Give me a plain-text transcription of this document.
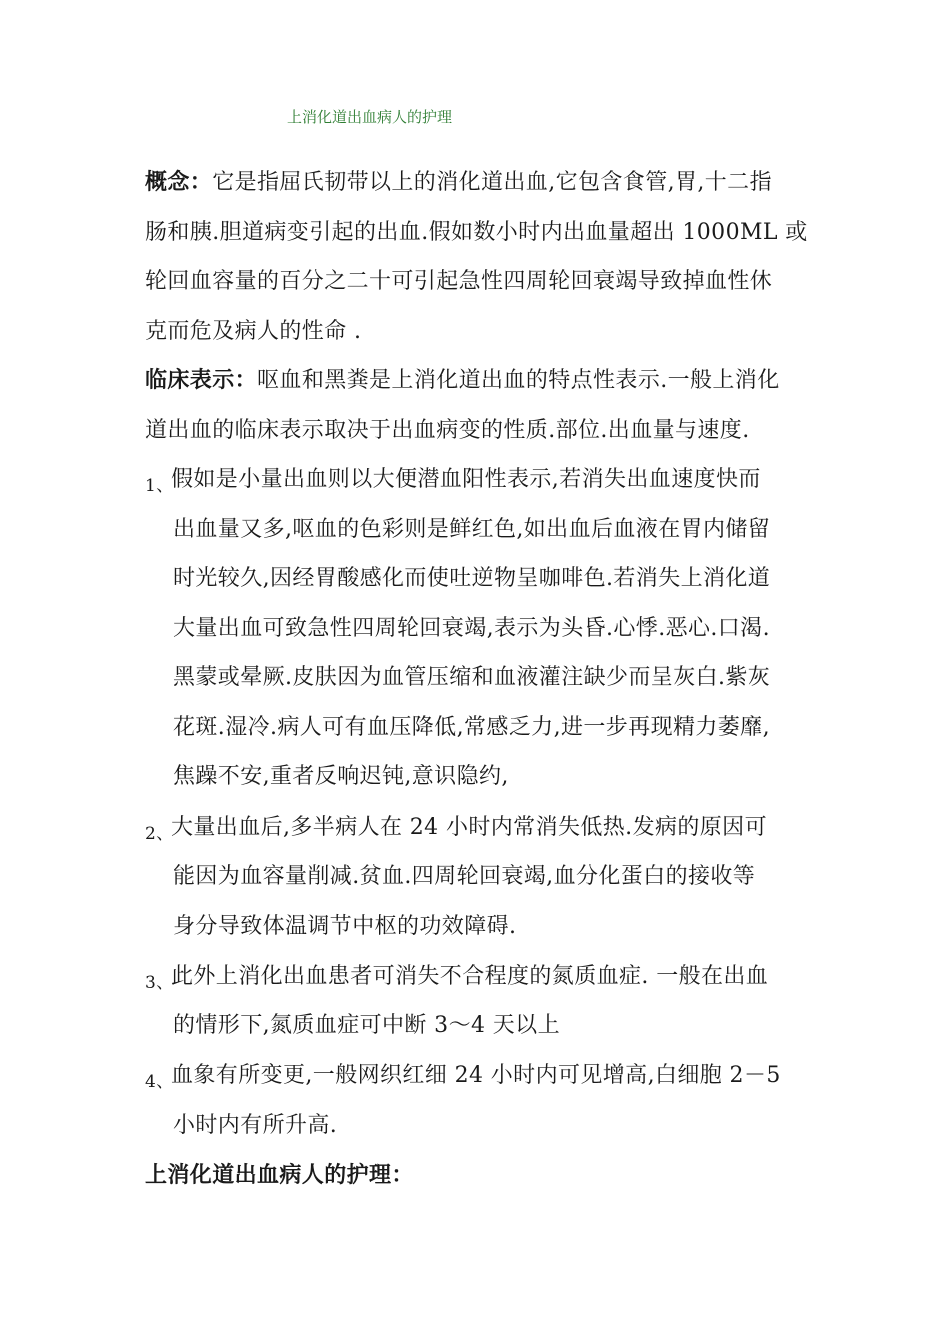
上消化道出血病人的护理
概念：它是指屈氏韧带以上的消化道出血,它包含食管,胃,十二指
肠和胰.胆道病变引起的出血.假如数小时内出血量超出 1000ML 或
轮回血容量的百分之二十可引起急性四周轮回衰竭导致掉血性休
克而危及病人的性命 .
临床表示：呕血和黑粪是上消化道出血的特点性表示.一般上消化
道出血的临床表示取决于出血病变的性质.部位.出血量与速度.
1、假如是小量出血则以大便潜血阳性表示,若消失出血速度快而
出血量又多,呕血的色彩则是鲜红色,如出血后血液在胃内储留
时光较久,因经胃酸感化而使吐逆物呈咖啡色.若消失上消化道
大量出血可致急性四周轮回衰竭,表示为头昏.心悸.恶心.口渴.
黑蒙或晕厥.皮肤因为血管压缩和血液灌注缺少而呈灰白.紫灰
花斑.湿冷.病人可有血压降低,常感乏力,进一步再现精力萎靡,
焦躁不安,重者反响迟钝,意识隐约,
2、大量出血后,多半病人在 24 小时内常消失低热.发病的原因可
能因为血容量削减.贫血.四周轮回衰竭,血分化蛋白的接收等
身分导致体温调节中枢的功效障碍.
3、此外上消化出血患者可消失不合程度的氮质血症. 一般在出血
的情形下,氮质血症可中断 3～4 天以上
4、血象有所变更,一般网织红细 24 小时内可见增高,白细胞 2－5
小时内有所升高.
上消化道出血病人的护理：
